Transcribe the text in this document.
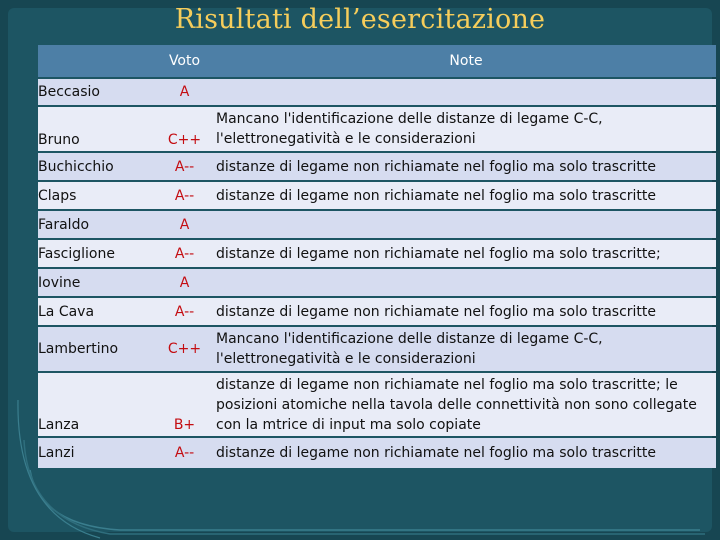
Risultati dell’esercitazione
	Voto	Note
Beccasio	A	
Bruno	C++	Mancano l'identificazione delle distanze di legame C-C, l'elettronegatività e le considerazioni
Buchicchio	A--	distanze di legame non richiamate nel foglio ma solo trascritte
Claps	A--	distanze di legame non richiamate nel foglio ma solo trascritte
Faraldo	A	
Fasciglione	A--	distanze di legame non richiamate nel foglio ma solo trascritte;
Iovine	A	
La Cava	A--	distanze di legame non richiamate nel foglio ma solo trascritte
Lambertino	C++	Mancano l'identificazione delle distanze di legame C-C, l'elettronegatività e le considerazioni
Lanza	B+	distanze di legame non richiamate nel foglio ma solo trascritte; le posizioni atomiche nella tavola delle connettività non sono collegate con la mtrice di input ma solo copiate
Lanzi	A--	distanze di legame non richiamate nel foglio ma solo trascritte
